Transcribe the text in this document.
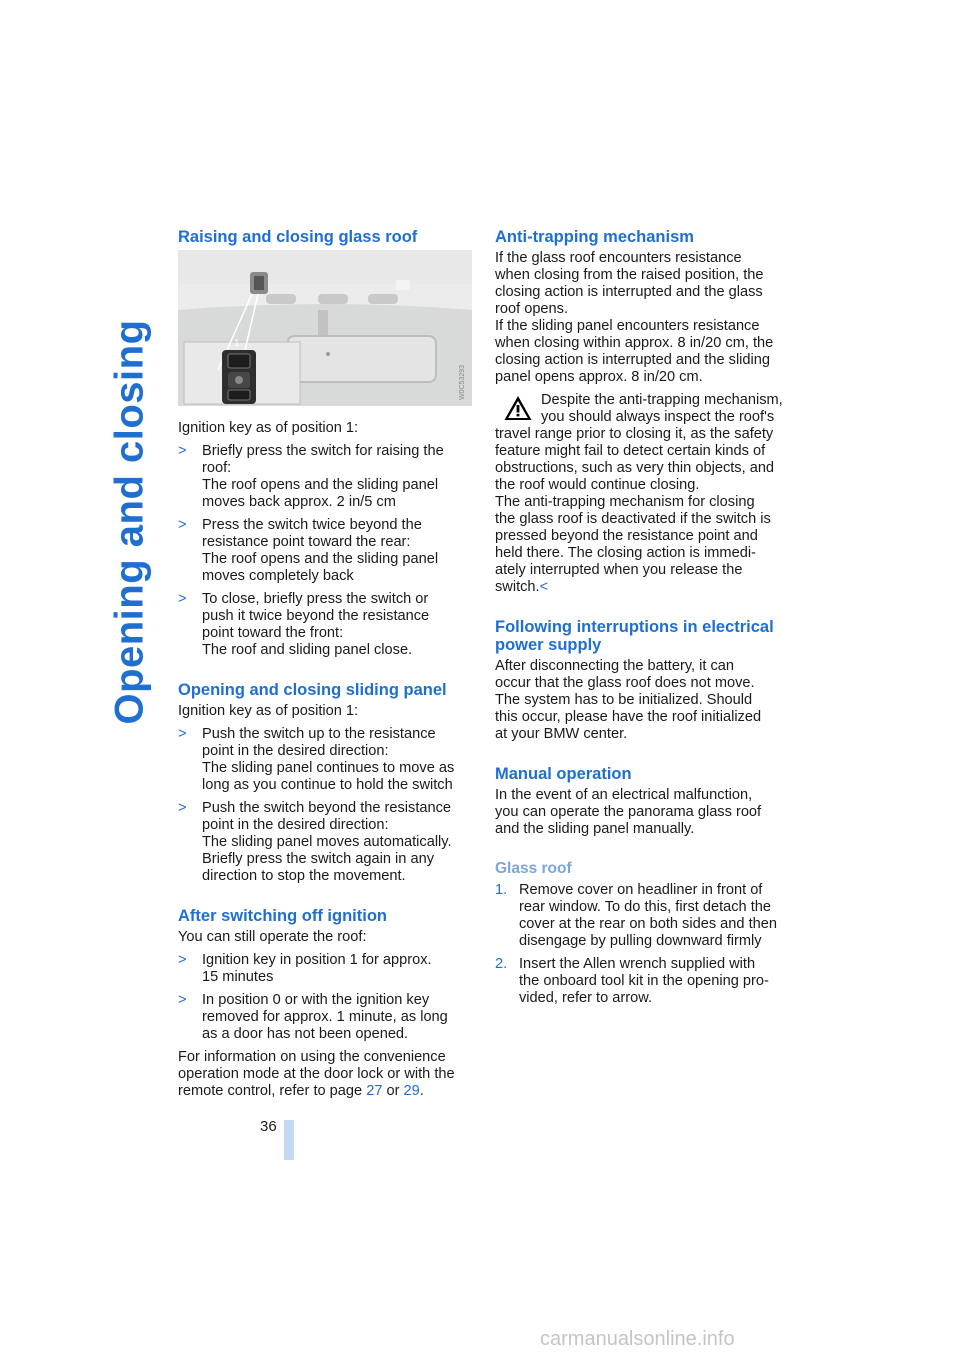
Opening and closing
Raising and closing glass roof
1
W0C53293

Ignition key as of position 1:

> Briefly press the switch for raising the
roof:
The roof opens and the sliding panel
moves back approx. 2 in/5 cm
> Press the switch twice beyond the
resistance point toward the rear:
The roof opens and the sliding panel
moves completely back
> To close, briefly press the switch or
push it twice beyond the resistance
point toward the front:
The roof and sliding panel close.
Opening and closing sliding panel

Ignition key as of position 1:

> Push the switch up to the resistance
point in the desired direction:
The sliding panel continues to move as
long as you continue to hold the switch
> Push the switch beyond the resistance
point in the desired direction:
The sliding panel moves automatically.
Briefly press the switch again in any
direction to stop the movement.
After switching off ignition

You can still operate the roof:

> Ignition key in position 1 for approx.
15 minutes
> In position 0 or with the ignition key
removed for approx. 1 minute, as long
as a door has not been opened.

For information on using the convenience
operation mode at the door lock or with the
remote control, refer to page 27 or 29.

Anti-trapping mechanism

If the glass roof encounters resistance
when closing from the raised position, the
closing action is interrupted and the glass
roof opens.
If the sliding panel encounters resistance
when closing within approx. 8 in/20 cm, the
closing action is interrupted and the sliding
panel opens approx. 8 in/20 cm.

Despite the anti-trapping mechanism,
you should always inspect the roof's
travel range prior to closing it, as the safety
feature might fail to detect certain kinds of
obstructions, such as very thin objects, and
the roof would continue closing.
The anti-trapping mechanism for closing
the glass roof is deactivated if the switch is
pressed beyond the resistance point and
held there. The closing action is immedi-
ately interrupted when you release the
switch.<
Following interruptions in electrical
power supply

After disconnecting the battery, it can
occur that the glass roof does not move.
The system has to be initialized. Should
this occur, please have the roof initialized
at your BMW center.

Manual operation

In the event of an electrical malfunction,
you can operate the panorama glass roof
and the sliding panel manually.

Glass roof
1. Remove cover on headliner in front of
rear window. To do this, first detach the
cover at the rear on both sides and then
disengage by pulling downward firmly
2. Insert the Allen wrench supplied with
the onboard tool kit in the opening pro-
vided, refer to arrow.
36
carmanualsonline.info
